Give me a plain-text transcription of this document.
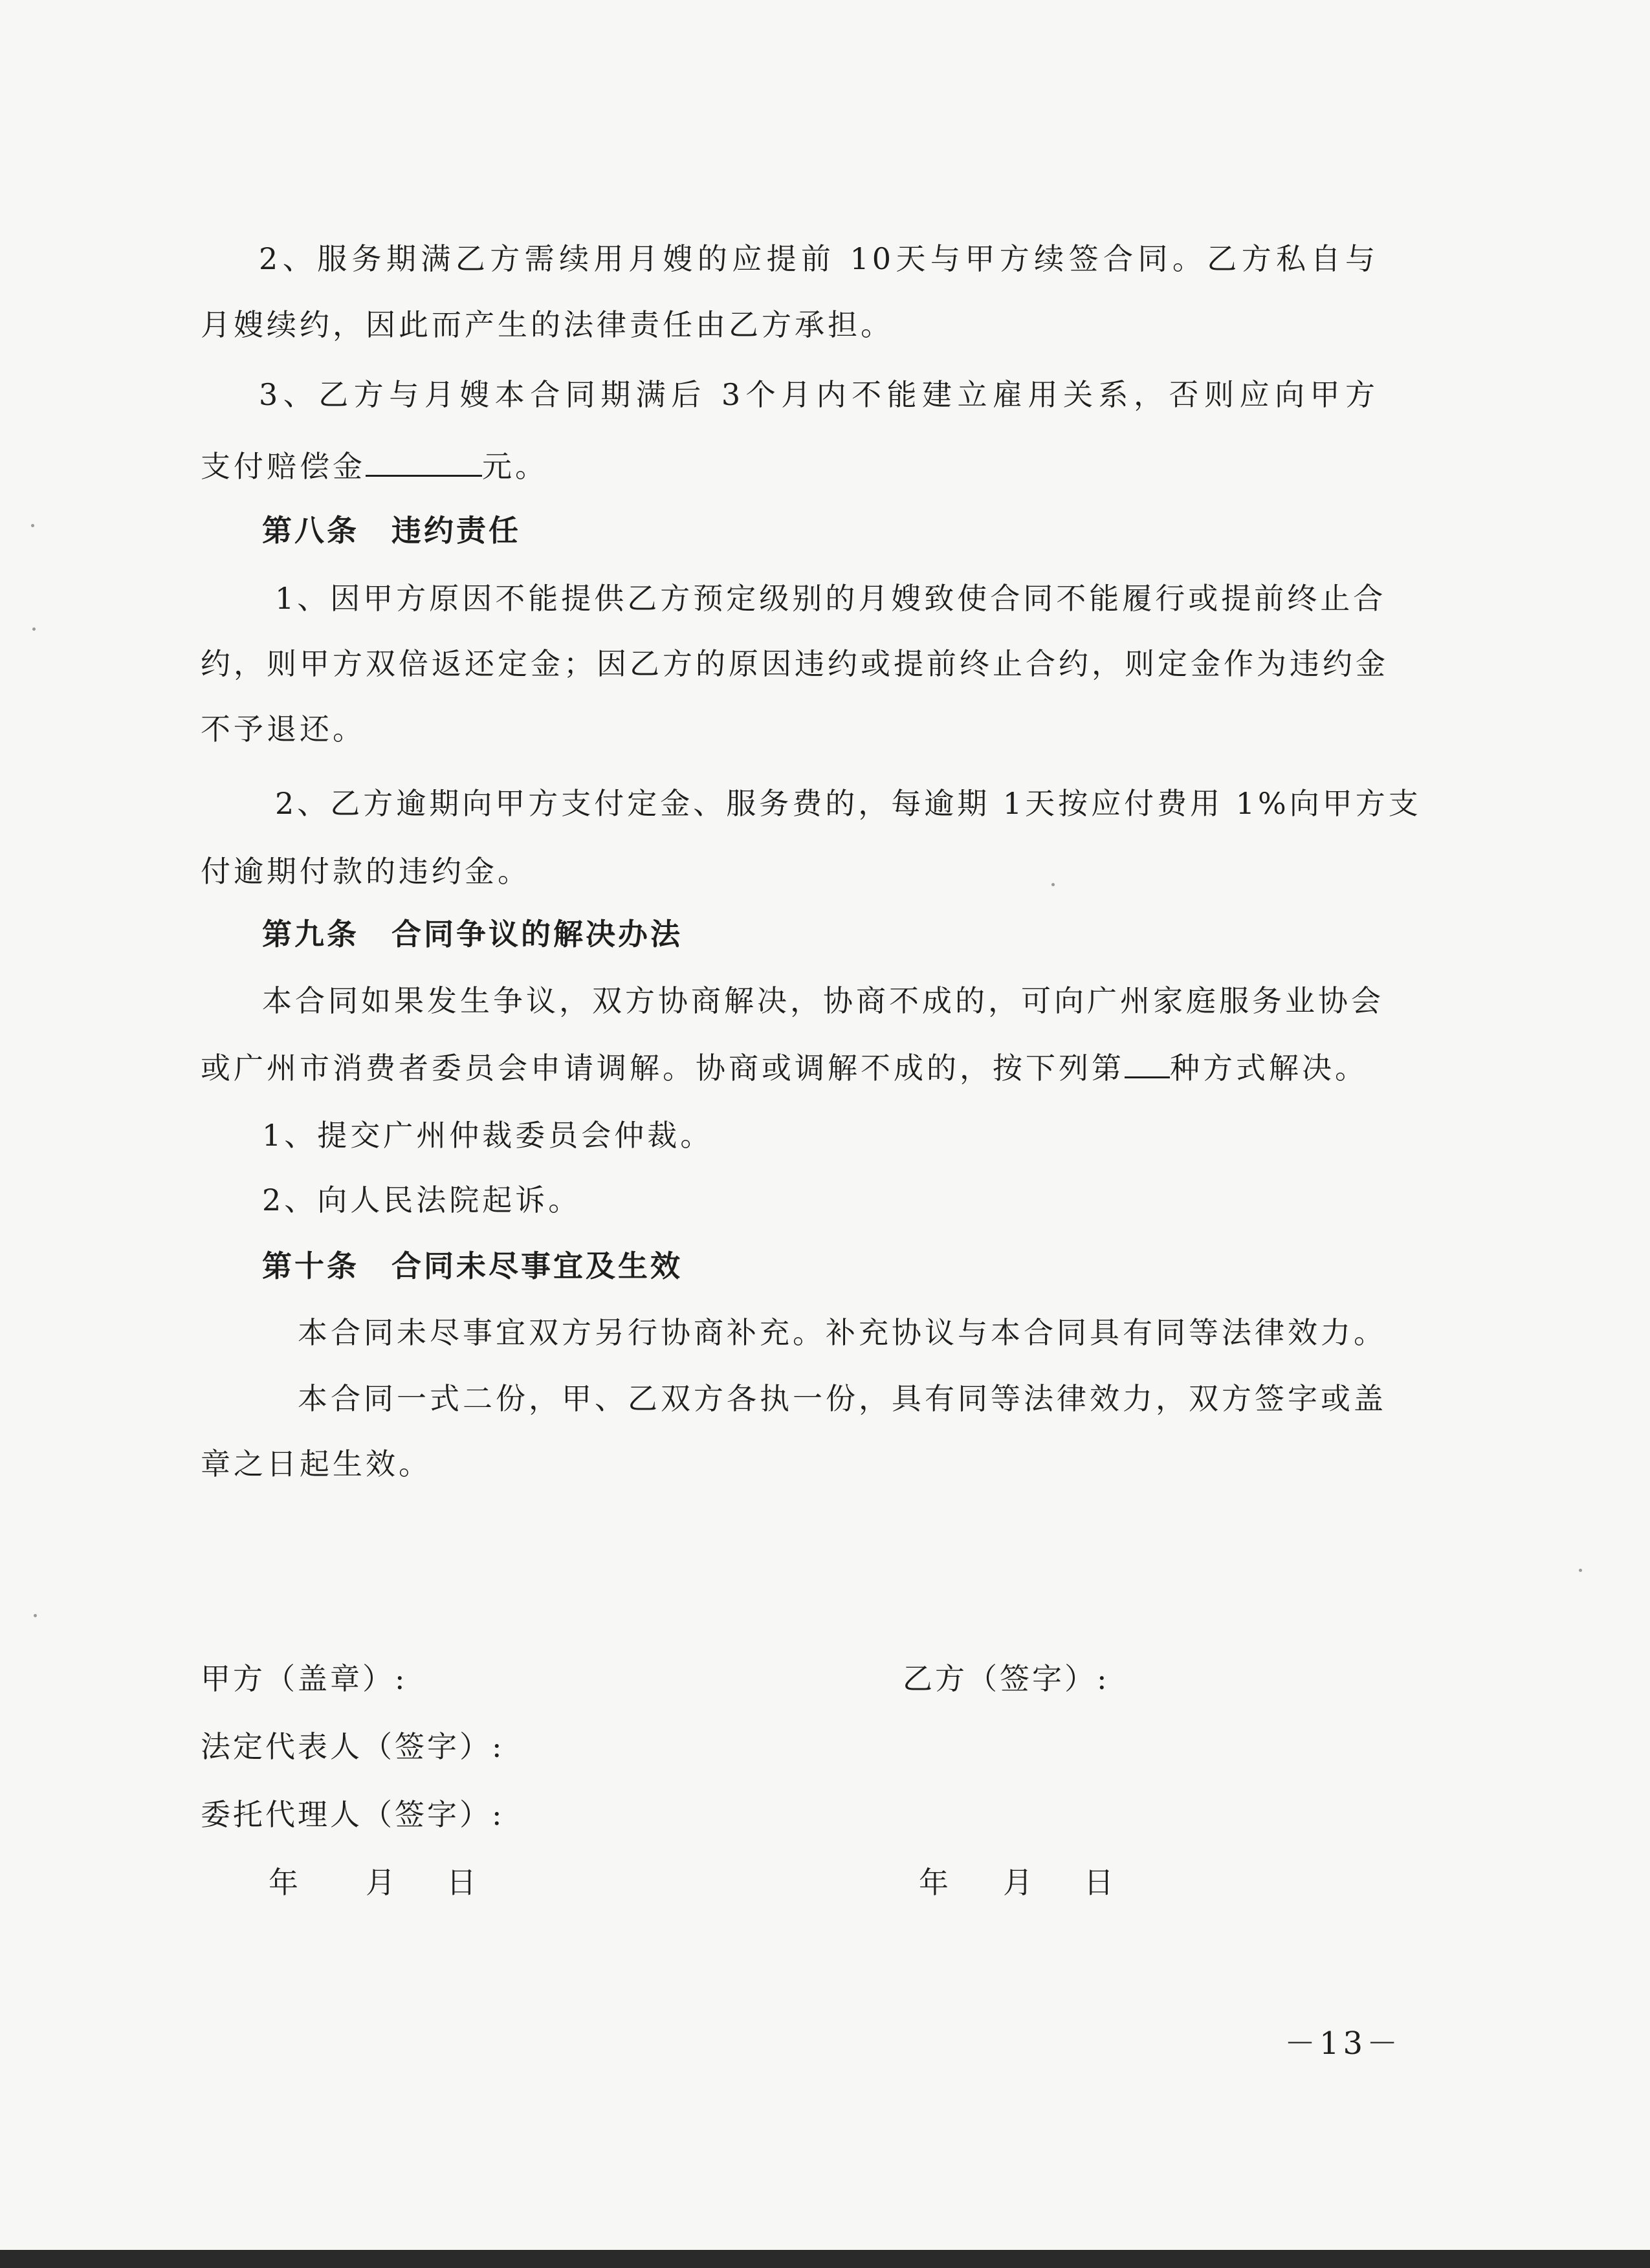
2、服务期满乙方需续用月嫂的应提前 10天与甲方续签合同。乙方私自与
月嫂续约，因此而产生的法律责任由乙方承担。
3、乙方与月嫂本合同期满后 3个月内不能建立雇用关系，否则应向甲方
支付赔偿金	元。
第八条　违约责任
1、因甲方原因不能提供乙方预定级别的月嫂致使合同不能履行或提前终止合
约，则甲方双倍返还定金；因乙方的原因违约或提前终止合约，则定金作为违约金
不予退还。
2、乙方逾期向甲方支付定金、服务费的，每逾期 1天按应付费用 1%向甲方支
付逾期付款的违约金。
第九条　合同争议的解决办法
本合同如果发生争议，双方协商解决，协商不成的，可向广州家庭服务业协会
或广州市消费者委员会申请调解。协商或调解不成的，按下列第 种方式解决。
1、提交广州仲裁委员会仲裁。
2、向人民法院起诉。
第十条　合同未尽事宜及生效
本合同未尽事宜双方另行协商补充。补充协议与本合同具有同等法律效力。
本合同一式二份，甲、乙双方各执一份，具有同等法律效力，双方签字或盖
章之日起生效。
甲方（盖章）:	乙方（签字）:
法定代表人（签字）:
委托代理人（签字）:
年 月 日	年 月 日
－13－
